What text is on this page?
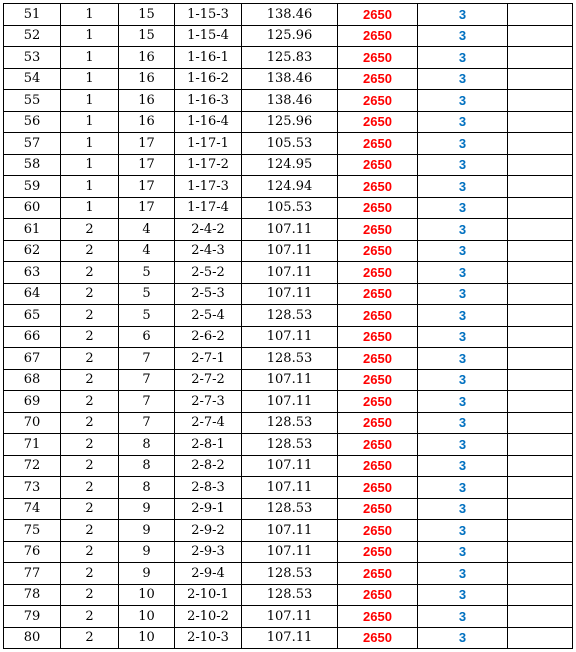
51	1	15	1-15-3	138.46	2650	3	
52	1	15	1-15-4	125.96	2650	3	
53	1	16	1-16-1	125.83	2650	3	
54	1	16	1-16-2	138.46	2650	3	
55	1	16	1-16-3	138.46	2650	3	
56	1	16	1-16-4	125.96	2650	3	
57	1	17	1-17-1	105.53	2650	3	
58	1	17	1-17-2	124.95	2650	3	
59	1	17	1-17-3	124.94	2650	3	
60	1	17	1-17-4	105.53	2650	3	
61	2	4	2-4-2	107.11	2650	3	
62	2	4	2-4-3	107.11	2650	3	
63	2	5	2-5-2	107.11	2650	3	
64	2	5	2-5-3	107.11	2650	3	
65	2	5	2-5-4	128.53	2650	3	
66	2	6	2-6-2	107.11	2650	3	
67	2	7	2-7-1	128.53	2650	3	
68	2	7	2-7-2	107.11	2650	3	
69	2	7	2-7-3	107.11	2650	3	
70	2	7	2-7-4	128.53	2650	3	
71	2	8	2-8-1	128.53	2650	3	
72	2	8	2-8-2	107.11	2650	3	
73	2	8	2-8-3	107.11	2650	3	
74	2	9	2-9-1	128.53	2650	3	
75	2	9	2-9-2	107.11	2650	3	
76	2	9	2-9-3	107.11	2650	3	
77	2	9	2-9-4	128.53	2650	3	
78	2	10	2-10-1	128.53	2650	3	
79	2	10	2-10-2	107.11	2650	3	
80	2	10	2-10-3	107.11	2650	3	
